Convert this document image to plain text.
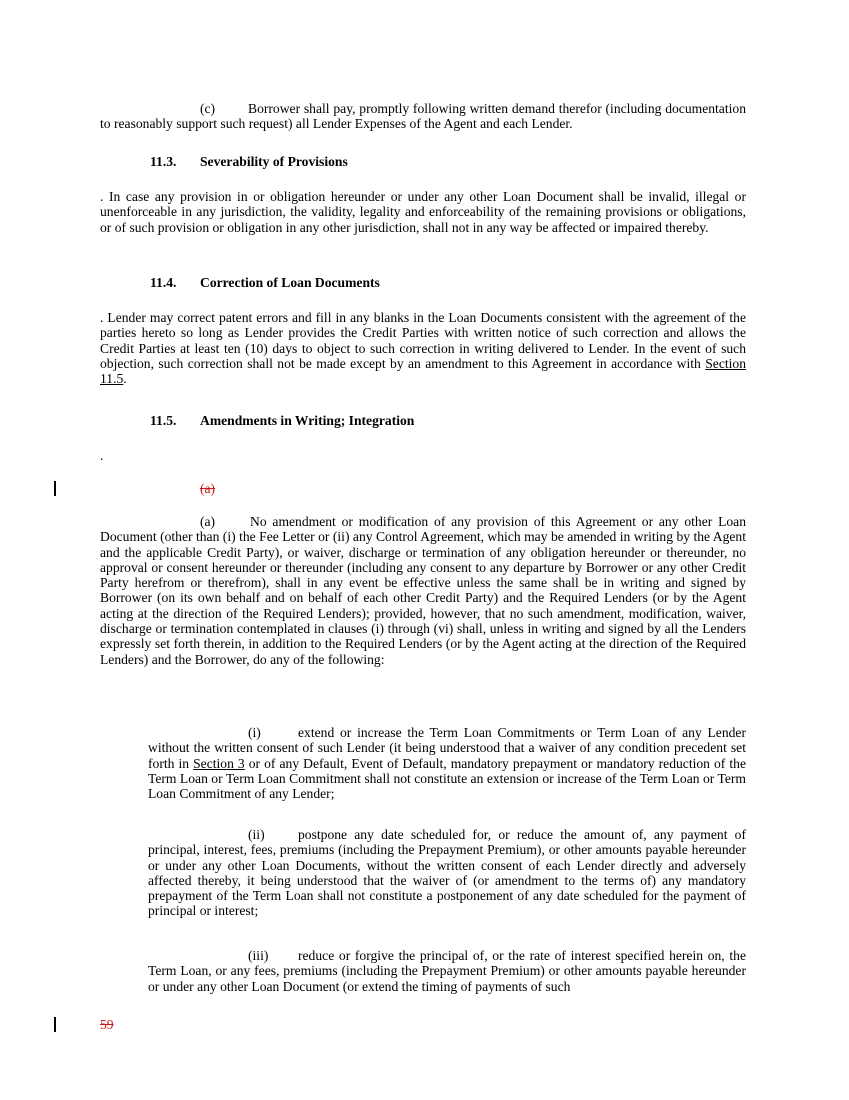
(c) Borrower shall pay, promptly following written demand therefor (including documentation to reasonably support such request) all Lender Expenses of the Agent and each Lender.

11.3. Severability of Provisions

. In case any provision in or obligation hereunder or under any other Loan Document shall be invalid, illegal or unenforceable in any jurisdiction, the validity, legality and enforceability of the remaining provisions or obligations, or of such provision or obligation in any other jurisdiction, shall not in any way be affected or impaired thereby.

11.4. Correction of Loan Documents

. Lender may correct patent errors and fill in any blanks in the Loan Documents consistent with the agreement of the parties hereto so long as Lender provides the Credit Parties with written notice of such correction and allows the Credit Parties at least ten (10) days to object to such correction in writing delivered to Lender. In the event of such objection, such correction shall not be made except by an amendment to this Agreement in accordance with Section 11.5.

11.5. Amendments in Writing; Integration

.

(a)

(a)	No amendment or modification of any provision of this Agreement or any other Loan Document (other than (i) the Fee Letter or (ii) any Control Agreement, which may be amended in writing by the Agent and the applicable Credit Party), or waiver, discharge or termination of any obligation hereunder or thereunder, no approval or consent hereunder or thereunder (including any consent to any departure by Borrower or any other Credit Party herefrom or therefrom), shall in any event be effective unless the same shall be in writing and signed by Borrower (on its own behalf and on behalf of each other Credit Party) and the Required Lenders (or by the Agent acting at the direction of the Required Lenders); provided, however, that no such amendment, modification, waiver, discharge or termination contemplated in clauses (i) through (vi) shall, unless in writing and signed by all the Lenders expressly set forth therein, in addition to the Required Lenders (or by the Agent acting at the direction of the Required Lenders) and the Borrower, do any of the following:

(i)	extend or increase the Term Loan Commitments or Term Loan of any Lender without the written consent of such Lender (it being understood that a waiver of any condition precedent set forth in Section 3 or of any Default, Event of Default, mandatory prepayment or mandatory reduction of the Term Loan or Term Loan Commitment shall not constitute an extension or increase of the Term Loan or Term Loan Commitment of any Lender;

(ii) postpone any date scheduled for, or reduce the amount of, any payment of principal, interest, fees, premiums (including the Prepayment Premium), or other amounts payable hereunder or under any other Loan Documents, without the written consent of each Lender directly and adversely affected thereby, it being understood that the waiver of (or amendment to the terms of) any mandatory prepayment of the Term Loan shall not constitute a postponement of any date scheduled for the payment of principal or interest;

(iii) reduce or forgive the principal of, or the rate of interest specified herein on, the Term Loan, or any fees, premiums (including the Prepayment Premium) or other amounts payable hereunder or under any other Loan Document (or extend the timing of payments of such

59
